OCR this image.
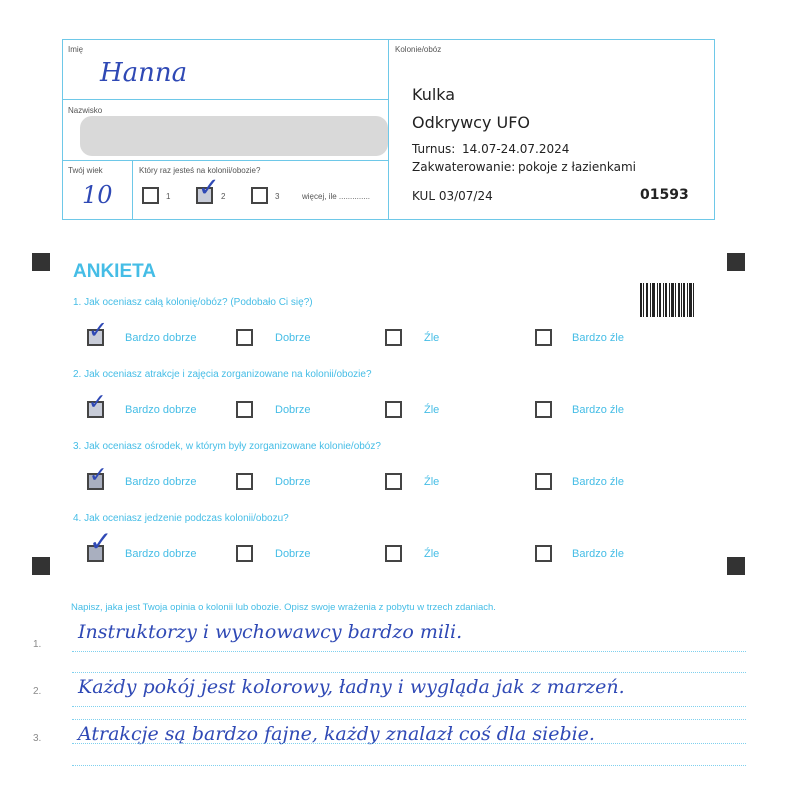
Imię
Hanna
Nazwisko
Twój wiek
10
Który raz jesteś na kolonii/obozie?
1 ✓ 2	3	więcej, ile ..............
Kolonie/obóz
Kulka
Odkrywcy UFO
Turnus: 14.07-24.07.2024
Zakwaterowanie: pokoje z łazienkami
KUL 03/07/24	01593
ANKIETA
1. Jak oceniasz całą kolonię/obóz? (Podobało Ci się?)
✓ Bardzo dobrze	Dobrze	Źle	Bardzo źle
2. Jak oceniasz atrakcje i zajęcia zorganizowane na kolonii/obozie?
✓ Bardzo dobrze	Dobrze	Źle	Bardzo źle
3. Jak oceniasz ośrodek, w którym były zorganizowane kolonie/obóz?
✓ Bardzo dobrze	Dobrze	Źle	Bardzo źle
4. Jak oceniasz jedzenie podczas kolonii/obozu?
✓ Bardzo dobrze	Dobrze	Źle	Bardzo źle
Napisz, jaka jest Twoja opinia o kolonii lub obozie. Opisz swoje wrażenia z pobytu w trzech zdaniach.
1.
Instruktorzy i wychowawcy bardzo mili.
2. Każdy pokój jest kolorowy, ładny i wygląda jak z marzeń.
3. Atrakcje są bardzo fajne, każdy znalazł coś dla siebie.
